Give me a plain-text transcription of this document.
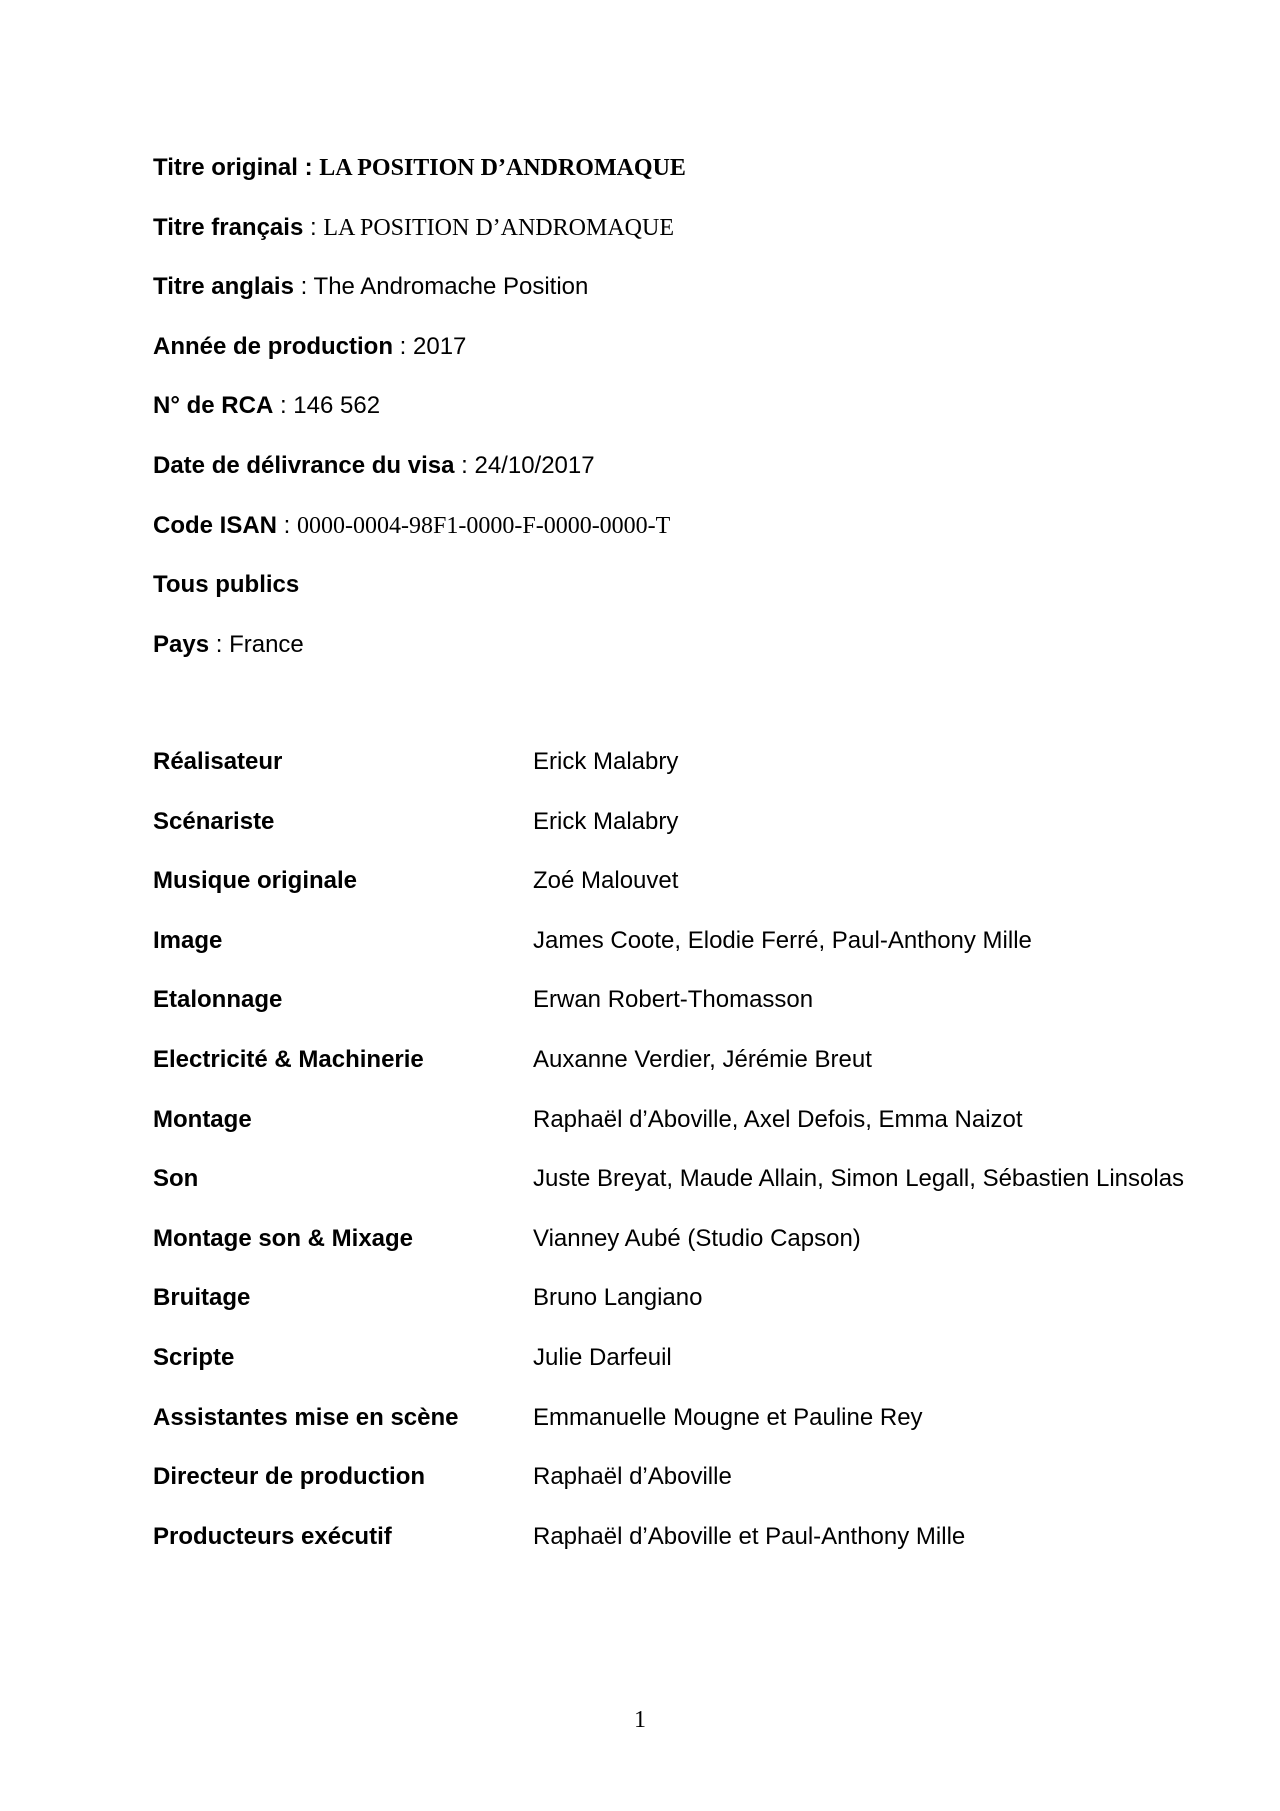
Titre original : LA POSITION D’ANDROMAQUE
Titre français : LA POSITION D’ANDROMAQUE
Titre anglais : The Andromache Position
Année de production : 2017
N° de RCA : 146 562
Date de délivrance du visa : 24/10/2017
Code ISAN : 0000-0004-98F1-0000-F-0000-0000-T
Tous publics
Pays : France
Réalisateur	Erick Malabry
Scénariste	Erick Malabry
Musique originale	Zoé Malouvet
Image	James Coote, Elodie Ferré, Paul-Anthony Mille
Etalonnage	Erwan Robert-Thomasson
Electricité & Machinerie	Auxanne Verdier, Jérémie Breut
Montage	Raphaël d’Aboville, Axel Defois, Emma Naizot
Son	Juste Breyat, Maude Allain, Simon Legall, Sébastien Linsolas
Montage son & Mixage	Vianney Aubé (Studio Capson)
Bruitage	Bruno Langiano
Scripte	Julie Darfeuil
Assistantes mise en scène	Emmanuelle Mougne et Pauline Rey
Directeur de production	Raphaël d’Aboville
Producteurs exécutif	Raphaël d’Aboville et Paul-Anthony Mille
1
